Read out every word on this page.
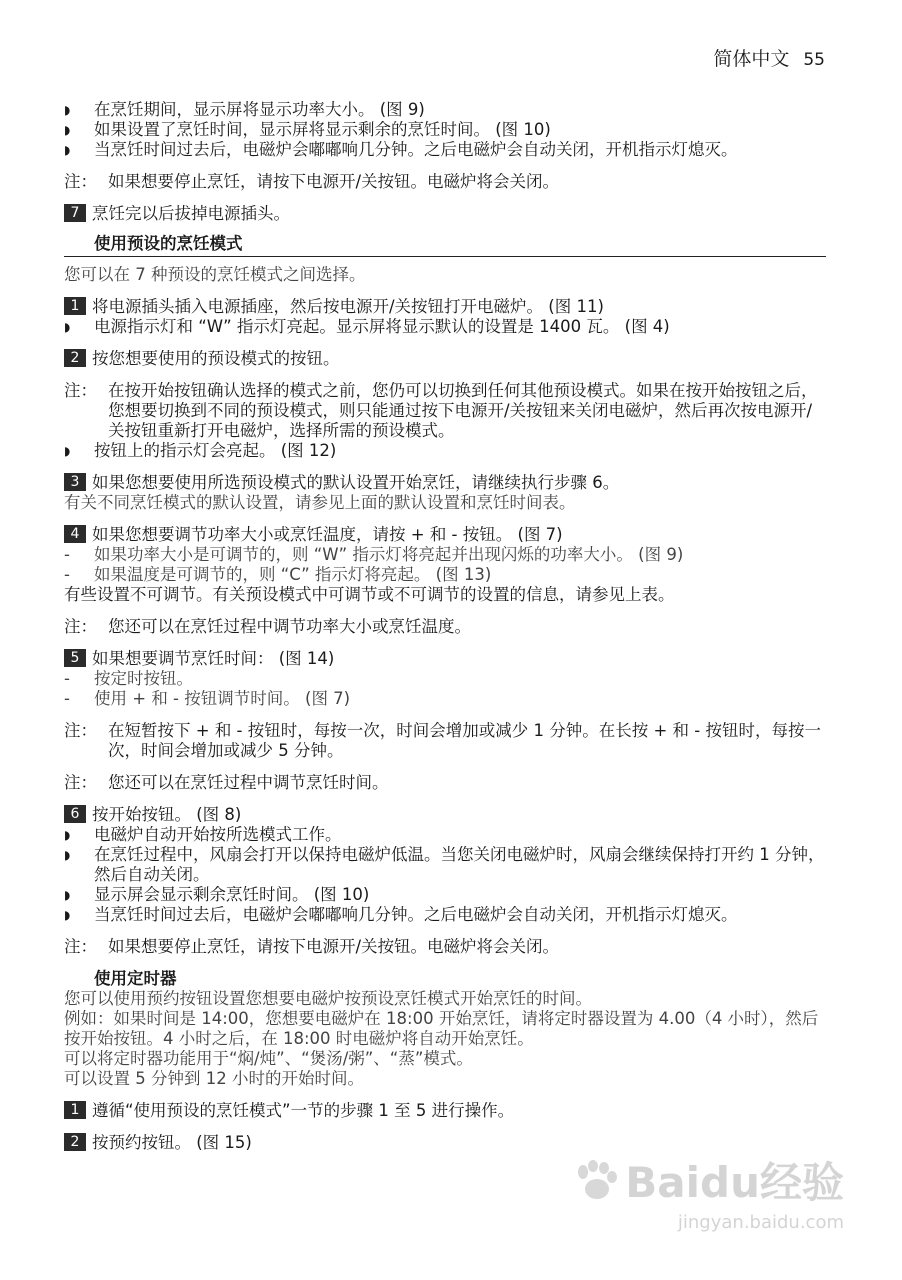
简体中文 55
◗	在烹饪期间，显示屏将显示功率大小。 (图 9)
◗	如果设置了烹饪时间，显示屏将显示剩余的烹饪时间。 (图 10)
◗	当烹饪时间过去后，电磁炉会嘟嘟响几分钟。之后电磁炉会自动关闭，开机指示灯熄灭。
注： 如果想要停止烹饪，请按下电源开/关按钮。电磁炉将会关闭。
7 烹饪完以后拔掉电源插头。
使用预设的烹饪模式
您可以在 7 种预设的烹饪模式之间选择。
1 将电源插头插入电源插座，然后按电源开/关按钮打开电磁炉。 (图 11)
◗	电源指示灯和 “W” 指示灯亮起。显示屏将显示默认的设置是 1400 瓦。 (图 4)
2 按您想要使用的预设模式的按钮。
注： 在按开始按钮确认选择的模式之前，您仍可以切换到任何其他预设模式。如果在按开始按钮之后，您想要切换到不同的预设模式，则只能通过按下电源开/关按钮来关闭电磁炉，然后再次按电源开/关按钮重新打开电磁炉，选择所需的预设模式。
◗	按钮上的指示灯会亮起。 (图 12)
3 如果您想要使用所选预设模式的默认设置开始烹饪，请继续执行步骤 6。
有关不同烹饪模式的默认设置，请参见上面的默认设置和烹饪时间表。
4 如果您想要调节功率大小或烹饪温度，请按 + 和 - 按钮。 (图 7)
-	如果功率大小是可调节的，则 “W” 指示灯将亮起并出现闪烁的功率大小。 (图 9)
-	如果温度是可调节的，则 “C” 指示灯将亮起。 (图 13)
有些设置不可调节。有关预设模式中可调节或不可调节的设置的信息，请参见上表。
注： 您还可以在烹饪过程中调节功率大小或烹饪温度。
5 如果想要调节烹饪时间： (图 14)
-	按定时按钮。
-	使用 + 和 - 按钮调节时间。 (图 7)
注： 在短暂按下 + 和 - 按钮时，每按一次，时间会增加或减少 1 分钟。在长按 + 和 - 按钮时，每按一次，时间会增加或减少 5 分钟。
注： 您还可以在烹饪过程中调节烹饪时间。
6 按开始按钮。 (图 8)
◗	电磁炉自动开始按所选模式工作。
◗	在烹饪过程中，风扇会打开以保持电磁炉低温。当您关闭电磁炉时，风扇会继续保持打开约 1 分钟，然后自动关闭。
◗	显示屏会显示剩余烹饪时间。 (图 10)
◗	当烹饪时间过去后，电磁炉会嘟嘟响几分钟。之后电磁炉会自动关闭，开机指示灯熄灭。
注： 如果想要停止烹饪，请按下电源开/关按钮。电磁炉将会关闭。
使用定时器
您可以使用预约按钮设置您想要电磁炉按预设烹饪模式开始烹饪的时间。
例如：如果时间是 14:00，您想要电磁炉在 18:00 开始烹饪，请将定时器设置为 4.00（4 小时），然后按开始按钮。4 小时之后，在 18:00 时电磁炉将自动开始烹饪。
可以将定时器功能用于“焖/炖”、“煲汤/粥”、“蒸”模式。
可以设置 5 分钟到 12 小时的开始时间。
1 遵循“使用预设的烹饪模式”一节的步骤 1 至 5 进行操作。
2 按预约按钮。 (图 15)
Baidu经验
jingyan.baidu.com
